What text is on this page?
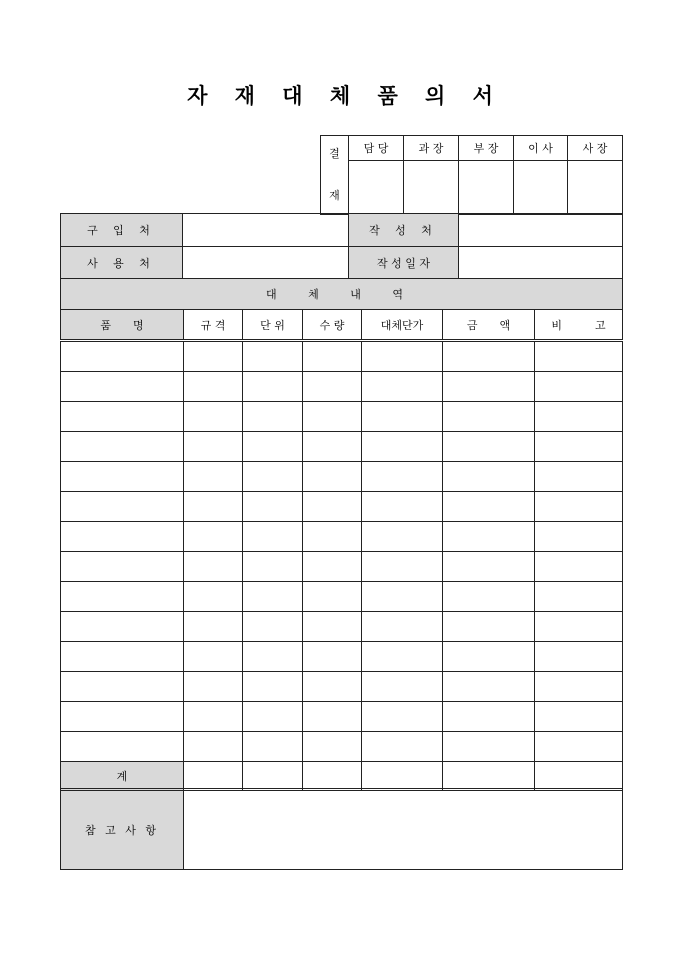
자 재 대 체 품 의 서
결
재	담 당	과 장	부 장	이 사	사 장

구 입 처		작 성 처	
사 용 처		작 성 일 자	
대 체 내 역						
품　　명	규 격	단 위	수 량	대체단가	금　　액	비　　　고

계						
참 고 사 항	
